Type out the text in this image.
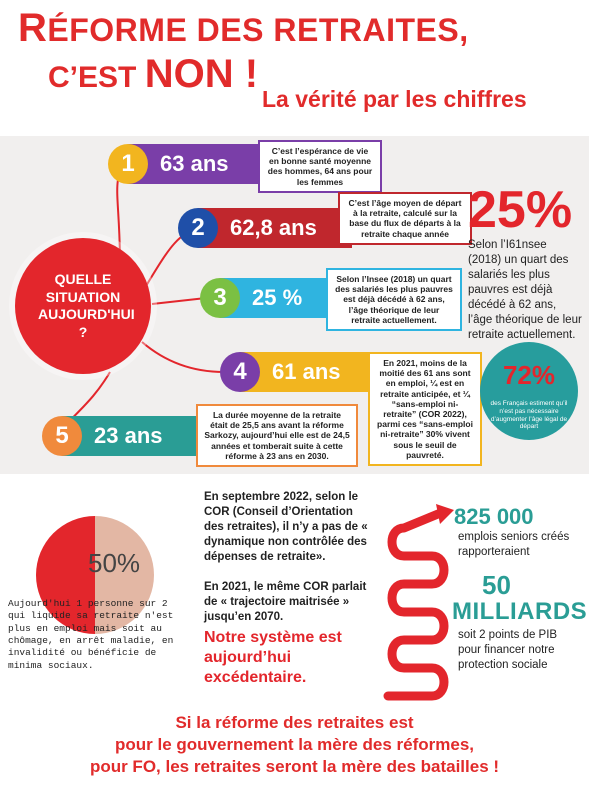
RÉFORME DES RETRAITES,
C’EST NON !
La vérité par les chiffres
QUELLE SITUATION AUJOURD'HUI ?
1	63 ans	C’est l’espérance de vie en bonne santé moyenne des hommes, 64 ans pour les femmes
2	62,8 ans
C’est l’âge moyen de départ à la retraite, calculé sur la base du flux de départs à la retraite chaque année
3	25 %
Selon l’Insee (2018) un quart des salariés les plus pauvres est déjà décédé à 62 ans, l’âge théorique de leur retraite actuellement.
4	61 ans	En 2021, moins de la moitié des 61 ans sont en emploi, ¼ est en retraite anticipée, et ¼ “sans-emploi ni-retraite” (COR 2022), parmi ces “sans-emploi ni-retraite” 30% vivent sous le seuil de pauvreté.
5	23 ans
La durée moyenne de la retraite était de 25,5 ans avant la réforme Sarkozy, aujourd’hui elle est de 24,5 années et tomberait suite à cette réforme à 23 ans en 2030.
25%
Selon l’I61nsee (2018) un quart des salariés les plus pauvres est déjà décédé à 62 ans, l’âge théorique de leur retraite actuellement.
72%
des Français estiment qu’il n’est pas nécessaire d’augmenter l’âge légal de départ
50%
Aujourd'hui 1 personne sur 2 qui liquide sa retraite n'est plus en emploi mais soit au chômage, en arrêt maladie, en invalidité ou bénéficie de minima sociaux.
En septembre 2022, selon le COR (Conseil d’Orientation des retraites), il n’y a pas de « dynamique non contrôlée des dépenses de retraite».
En 2021, le même COR parlait de « trajectoire maitrisée » jusqu’en 2070.
Notre système est aujourd’hui excédentaire.
825 000
emplois seniors créés rapporteraient
50
MILLIARDS
soit 2 points de PIB pour financer notre protection sociale
Si la réforme des retraites est
pour le gouvernement la mère des réformes,
pour FO, les retraites seront la mère des batailles !
